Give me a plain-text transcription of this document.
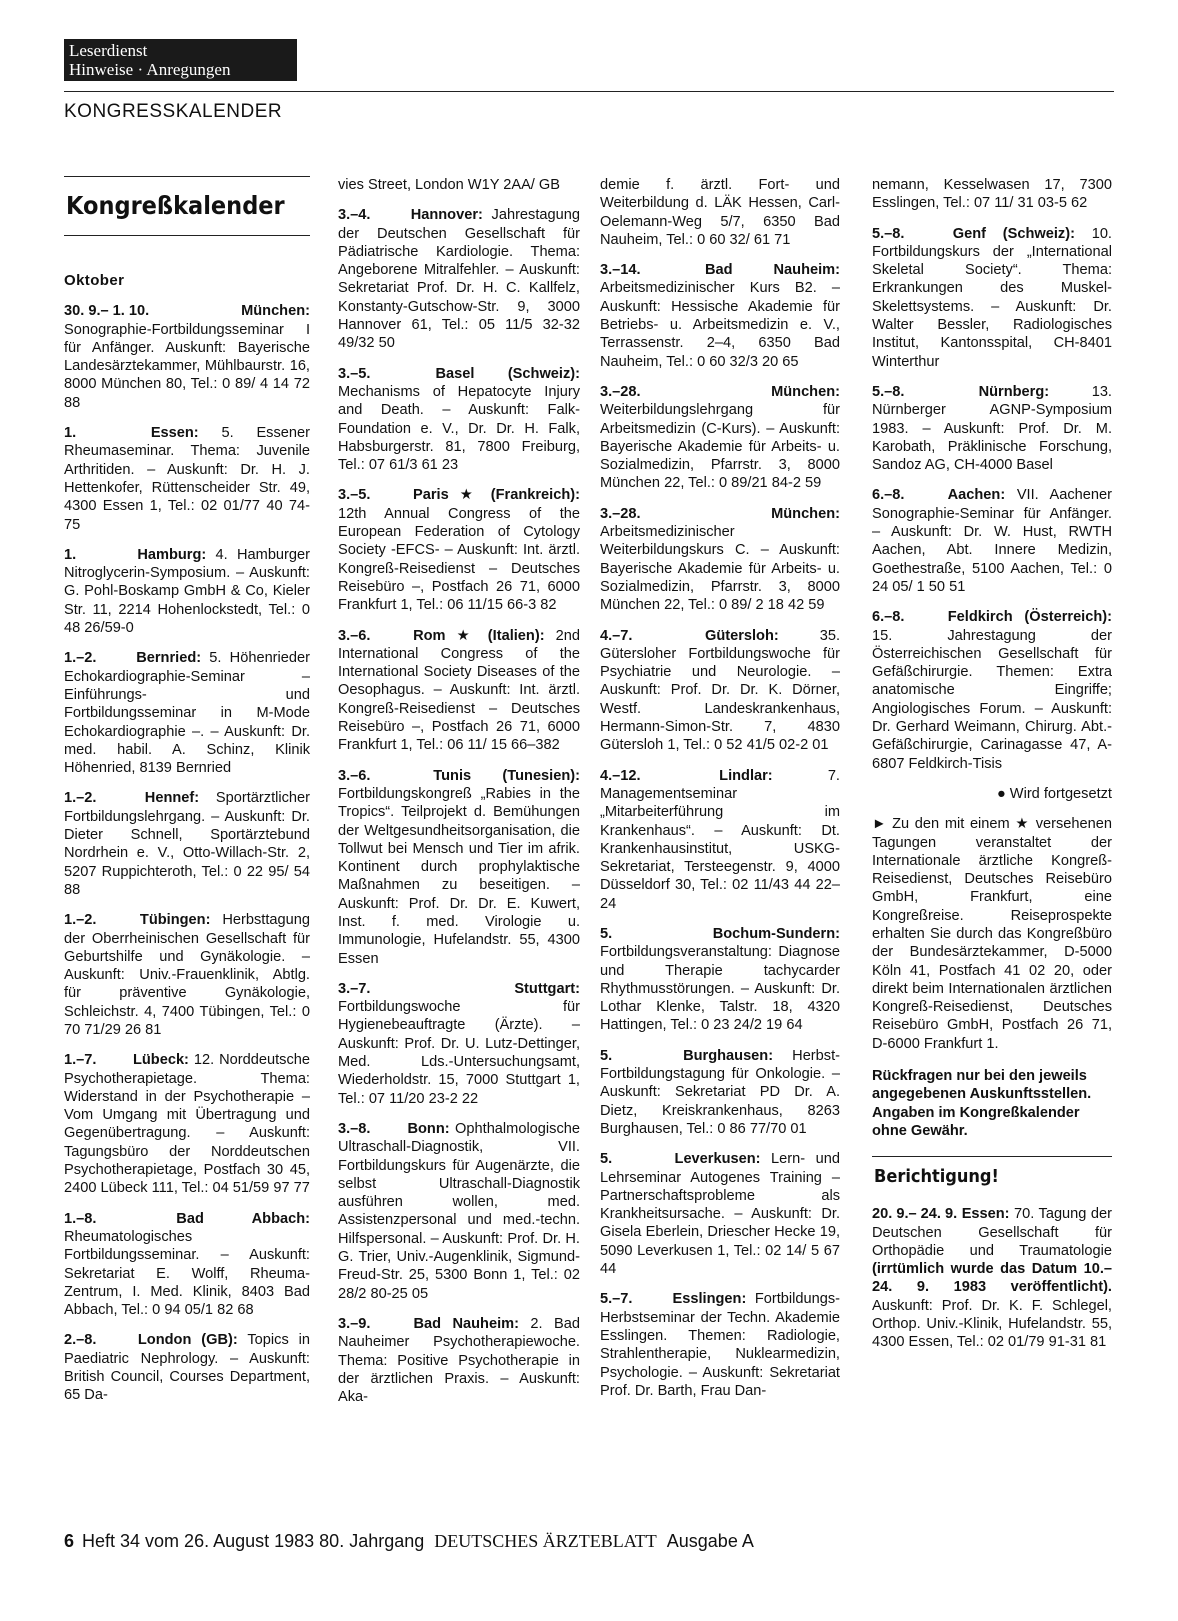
Leserdienst
Hinweise · Anregungen
KONGRESSKALENDER
Kongreßkalender
Oktober
30. 9.– 1. 10.	München: Sonographie-Fortbildungsseminar I für Anfänger. Auskunft: Bayerische Landesärztekammer, Mühlbaurstr. 16, 8000 München 80, Tel.: 0 89/ 4 14 72 88
1.	Essen: 5. Essener Rheumaseminar. Thema: Juvenile Arthritiden. – Auskunft: Dr. H. J. Hettenkofer, Rüttenscheider Str. 49, 4300 Essen 1, Tel.: 02 01/77 40 74-75
1.	Hamburg: 4. Hamburger Nitroglycerin-Symposium. – Auskunft: G. Pohl-Boskamp GmbH & Co, Kieler Str. 11, 2214 Hohenlockstedt, Tel.: 0 48 26/59-0
1.–2.	Bernried: 5. Höhenrieder Echokardiographie-Seminar – Einführungs- und Fortbildungsseminar in M-Mode Echokardiographie –. – Auskunft: Dr. med. habil. A. Schinz, Klinik Höhenried, 8139 Bernried
1.–2.	Hennef: Sportärztlicher Fortbildungslehrgang. – Auskunft: Dr. Dieter Schnell, Sportärztebund Nordrhein e. V., Otto-Willach-Str. 2, 5207 Ruppichteroth, Tel.: 0 22 95/ 54 88
1.–2.	Tübingen: Herbsttagung der Oberrheinischen Gesellschaft für Geburtshilfe und Gynäkologie. – Auskunft: Univ.-Frauenklinik, Abtlg. für präventive Gynäkologie, Schleichstr. 4, 7400 Tübingen, Tel.: 0 70 71/29 26 81
1.–7.	Lübeck: 12. Norddeutsche Psychotherapietage. Thema: Widerstand in der Psychotherapie – Vom Umgang mit Übertragung und Gegenübertragung. – Auskunft: Tagungsbüro der Norddeutschen Psychotherapietage, Postfach 30 45, 2400 Lübeck 111, Tel.: 04 51/59 97 77
1.–8.	Bad Abbach: Rheumatologisches Fortbildungsseminar. – Auskunft: Sekretariat E. Wolff, Rheuma-Zentrum, I. Med. Klinik, 8403 Bad Abbach, Tel.: 0 94 05/1 82 68
2.–8.	London (GB): Topics in Paediatric Nephrology. – Auskunft: British Council, Courses Department, 65 Da-
vies Street, London W1Y 2AA/ GB
3.–4.	Hannover: Jahrestagung der Deutschen Gesellschaft für Pädiatrische Kardiologie. Thema: Angeborene Mitralfehler. – Auskunft: Sekretariat Prof. Dr. H. C. Kallfelz, Konstanty-Gutschow-Str. 9, 3000 Hannover 61, Tel.: 05 11/5 32-32 49/32 50
3.–5.	Basel (Schweiz): Mechanisms of Hepatocyte Injury and Death. – Auskunft: Falk-Foundation e. V., Dr. Dr. H. Falk, Habsburgerstr. 81, 7800 Freiburg, Tel.: 07 61/3 61 23
3.–5.	Paris ★ (Frankreich): 12th Annual Congress of the European Federation of Cytology Society -EFCS- – Auskunft: Int. ärztl. Kongreß-Reisedienst – Deutsches Reisebüro –, Postfach 26 71, 6000 Frankfurt 1, Tel.: 06 11/15 66-3 82
3.–6.	Rom ★ (Italien): 2nd International Congress of the International Society Diseases of the Oesophagus. – Auskunft: Int. ärztl. Kongreß-Reisedienst – Deutsches Reisebüro –, Postfach 26 71, 6000 Frankfurt 1, Tel.: 06 11/ 15 66–382
3.–6.	Tunis (Tunesien): Fortbildungskongreß „Rabies in the Tropics“. Teilprojekt d. Bemühungen der Weltgesundheitsorganisation, die Tollwut bei Mensch und Tier im afrik. Kontinent durch prophylaktische Maßnahmen zu beseitigen. – Auskunft: Prof. Dr. Dr. E. Kuwert, Inst. f. med. Virologie u. Immunologie, Hufelandstr. 55, 4300 Essen
3.–7.	Stuttgart: Fortbildungswoche für Hygienebeauftragte (Ärzte). – Auskunft: Prof. Dr. U. Lutz-Dettinger, Med. Lds.-Untersuchungsamt, Wiederholdstr. 15, 7000 Stuttgart 1, Tel.: 07 11/20 23-2 22
3.–8.	Bonn: Ophthalmologische Ultraschall-Diagnostik, VII. Fortbildungskurs für Augenärzte, die selbst Ultraschall-Diagnostik ausführen wollen, med. Assistenzpersonal und med.-techn. Hilfspersonal. – Auskunft: Prof. Dr. H. G. Trier, Univ.-Augenklinik, Sigmund-Freud-Str. 25, 5300 Bonn 1, Tel.: 02 28/2 80-25 05
3.–9.	Bad Nauheim: 2. Bad Nauheimer Psychotherapiewoche. Thema: Positive Psychotherapie in der ärztlichen Praxis. – Auskunft: Aka-
demie f. ärztl. Fort- und Weiterbildung d. LÄK Hessen, Carl-Oelemann-Weg 5/7, 6350 Bad Nauheim, Tel.: 0 60 32/ 61 71
3.–14.	Bad Nauheim: Arbeitsmedizinischer Kurs B2. – Auskunft: Hessische Akademie für Betriebs- u. Arbeitsmedizin e. V., Terrassenstr. 2–4, 6350 Bad Nauheim, Tel.: 0 60 32/3 20 65
3.–28.	München: Weiterbildungslehrgang für Arbeitsmedizin (C-Kurs). – Auskunft: Bayerische Akademie für Arbeits- u. Sozialmedizin, Pfarrstr. 3, 8000 München 22, Tel.: 0 89/21 84-2 59
3.–28.	München: Arbeitsmedizinischer Weiterbildungskurs C. – Auskunft: Bayerische Akademie für Arbeits- u. Sozialmedizin, Pfarrstr. 3, 8000 München 22, Tel.: 0 89/ 2 18 42 59
4.–7.	Gütersloh: 35. Gütersloher Fortbildungswoche für Psychiatrie und Neurologie. – Auskunft: Prof. Dr. Dr. K. Dörner, Westf. Landeskrankenhaus, Hermann-Simon-Str. 7, 4830 Gütersloh 1, Tel.: 0 52 41/5 02-2 01
4.–12.	Lindlar: 7. Managementseminar „Mitarbeiterführung im Krankenhaus“. – Auskunft: Dt. Krankenhausinstitut, USKG-Sekretariat, Tersteegenstr. 9, 4000 Düsseldorf 30, Tel.: 02 11/43 44 22–24
5.	Bochum-Sundern: Fortbildungsveranstaltung: Diagnose und Therapie tachycarder Rhythmusstörungen. – Auskunft: Dr. Lothar Klenke, Talstr. 18, 4320 Hattingen, Tel.: 0 23 24/2 19 64
5.	Burghausen: Herbst-Fortbildungstagung für Onkologie. – Auskunft: Sekretariat PD Dr. A. Dietz, Kreiskrankenhaus, 8263 Burghausen, Tel.: 0 86 77/70 01
5.	Leverkusen: Lern- und Lehrseminar Autogenes Training – Partnerschaftsprobleme als Krankheitsursache. – Auskunft: Dr. Gisela Eberlein, Driescher Hecke 19, 5090 Leverkusen 1, Tel.: 02 14/ 5 67 44
5.–7.	Esslingen: Fortbildungs-Herbstseminar der Techn. Akademie Esslingen. Themen: Radiologie, Strahlentherapie, Nuklearmedizin, Psychologie. – Auskunft: Sekretariat Prof. Dr. Barth, Frau Dan-
nemann, Kesselwasen 17, 7300 Esslingen, Tel.: 07 11/ 31 03-5 62
5.–8.	Genf (Schweiz): 10. Fortbildungskurs der „International Skeletal Society“. Thema: Erkrankungen des Muskel-Skelettsystems. – Auskunft: Dr. Walter Bessler, Radiologisches Institut, Kantonsspital, CH-8401 Winterthur
5.–8.	Nürnberg: 13. Nürnberger AGNP-Symposium 1983. – Auskunft: Prof. Dr. M. Karobath, Präklinische Forschung, Sandoz AG, CH-4000 Basel
6.–8.	Aachen: VII. Aachener Sonographie-Seminar für Anfänger. – Auskunft: Dr. W. Hust, RWTH Aachen, Abt. Innere Medizin, Goethestraße, 5100 Aachen, Tel.: 0 24 05/ 1 50 51
6.–8.	Feldkirch (Österreich): 15. Jahrestagung der Österreichischen Gesellschaft für Gefäßchirurgie. Themen: Extra anatomische Eingriffe; Angiologisches Forum. – Auskunft: Dr. Gerhard Weimann, Chirurg. Abt.-Gefäßchirurgie, Carinagasse 47, A-6807 Feldkirch-Tisis
● Wird fortgesetzt
► Zu den mit einem ★ versehenen Tagungen veranstaltet der Internationale ärztliche Kongreß-Reisedienst, Deutsches Reisebüro GmbH, Frankfurt, eine Kongreßreise. Reiseprospekte erhalten Sie durch das Kongreßbüro der Bundesärztekammer, D-5000 Köln 41, Postfach 41 02 20, oder direkt beim Internationalen ärztlichen Kongreß-Reisedienst, Deutsches Reisebüro GmbH, Postfach 26 71, D-6000 Frankfurt 1.
Rückfragen nur bei den jeweils angegebenen Auskunftsstellen. Angaben im Kongreßkalender ohne Gewähr.
Berichtigung!
20. 9.– 24. 9. Essen: 70. Tagung der Deutschen Gesellschaft für Orthopädie und Traumatologie (irrtümlich wurde das Datum 10.–24. 9. 1983 veröffentlicht). Auskunft: Prof. Dr. K. F. Schlegel, Orthop. Univ.-Klinik, Hufelandstr. 55, 4300 Essen, Tel.: 02 01/79 91-31 81
6 Heft 34 vom 26. August 1983 80. Jahrgang DEUTSCHES ÄRZTEBLATT Ausgabe A
